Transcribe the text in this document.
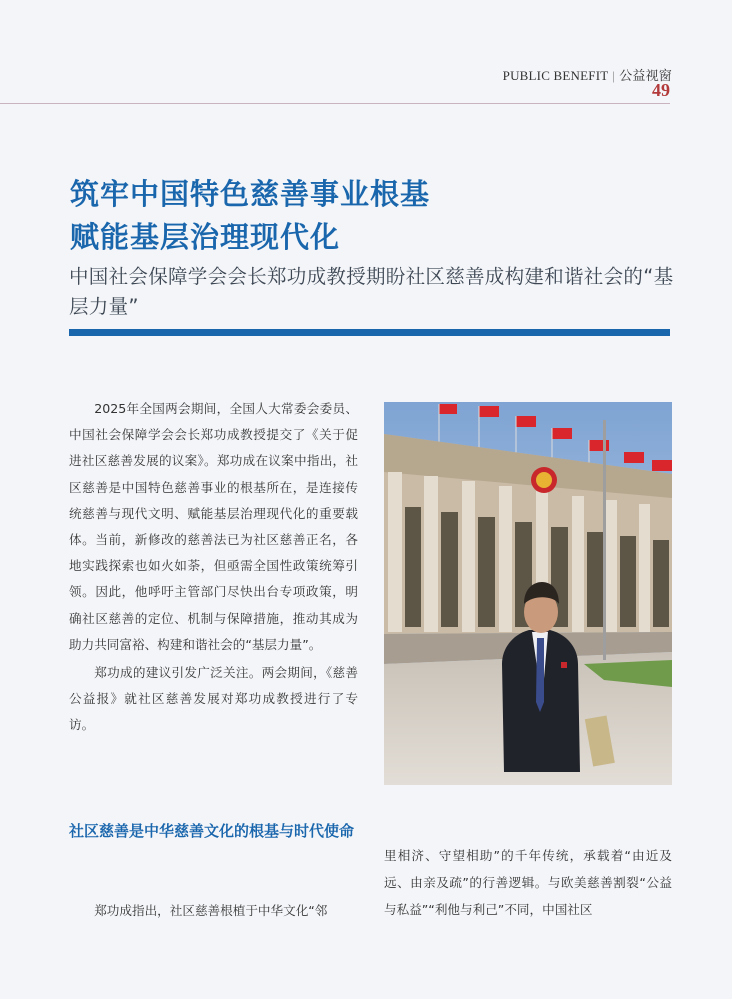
PUBLIC BENEFIT | 公益视窗
49
筑牢中国特色慈善事业根基
赋能基层治理现代化

中国社会保障学会会长郑功成教授期盼社区慈善成构建和谐社会的“基层力量”

2025年全国两会期间，全国人大常委会委员、中国社会保障学会会长郑功成教授提交了《关于促进社区慈善发展的议案》。郑功成在议案中指出，社区慈善是中国特色慈善事业的根基所在，是连接传统慈善与现代文明、赋能基层治理现代化的重要载体。当前，新修改的慈善法已为社区慈善正名，各地实践探索也如火如荼，但亟需全国性政策统筹引领。因此，他呼吁主管部门尽快出台专项政策，明确社区慈善的定位、机制与保障措施，推动其成为助力共同富裕、构建和谐社会的“基层力量”。

郑功成的建议引发广泛关注。两会期间，《慈善公益报》就社区慈善发展对郑功成教授进行了专访。

社区慈善是中华慈善文化的根基与时代使命

郑功成指出，社区慈善根植于中华文化“邻

里相济、守望相助”的千年传统，承载着“由近及远、由亲及疏”的行善逻辑。与欧美慈善割裂“公益与私益”“利他与利己”不同，中国社区
